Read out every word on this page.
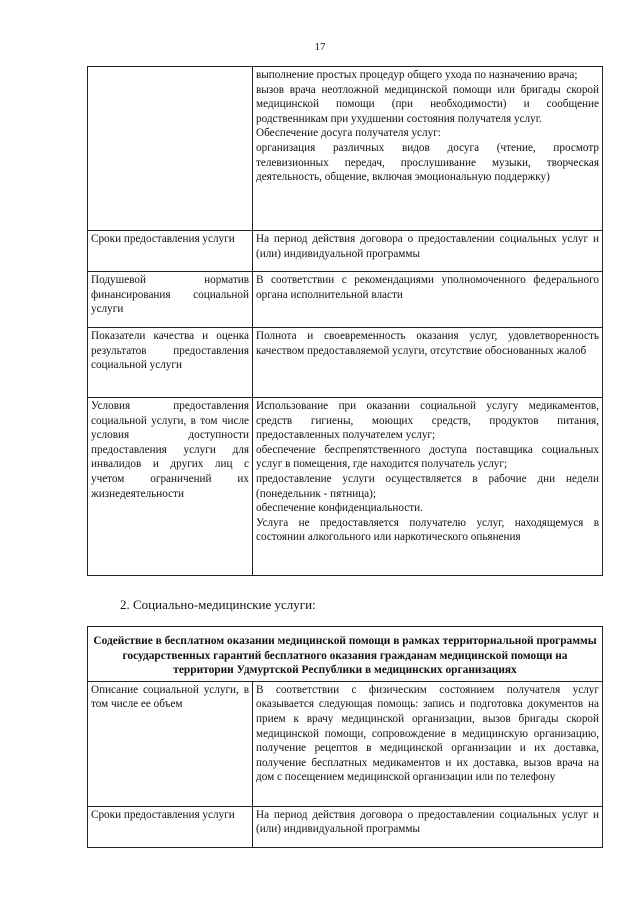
17

	выполнение простых процедур общего ухода по назначению врача;

вызов врача неотложной медицинской помощи или бригады скорой медицинской помощи (при необходимости) и сообщение родственникам при ухудшении состояния получателя услуг.

Обеспечение досуга получателя услуг:

организация различных видов досуга (чтение, просмотр телевизионных передач, прослушивание музыки, творческая деятельность, общение, включая эмоциональную поддержку)

Сроки предоставления услуги	На период действия договора о предоставлении социальных услуг и (или) индивидуальной программы
Подушевой норматив финансирования социальной услуги	В соответствии с рекомендациями уполномоченного федерального органа исполнительной власти
Показатели качества и оценка результатов предоставления социальной услуги	Полнота и своевременность оказания услуг, удовлетворенность качеством предоставляемой услуги, отсутствие обоснованных жалоб
Условия предоставления социальной услуги, в том числе условия доступности предоставления услуги для инвалидов и других лиц с учетом ограничений их жизнедеятельности	Использование при оказании социальной услугу медикаментов, средств гигиены, моющих средств, продуктов питания, предоставленных получателем услуг;

обеспечение беспрепятственного доступа поставщика социальных услуг в помещения, где находится получатель услуг;

предоставление услуги осуществляется в рабочие дни недели (понедельник - пятница);

обеспечение конфиденциальности.

Услуга не предоставляется получателю услуг, находящемуся в состоянии алкогольного или наркотического опьянения

2. Социально-медицинские услуги:
Содействие в бесплатном оказании медицинской помощи в рамках территориальной программы государственных гарантий бесплатного оказания гражданам медицинской помощи на территории Удмуртской Республики в медицинских организациях	
Описание социальной услуги, в том числе ее объем	В соответствии с физическим состоянием получателя услуг оказывается следующая помощь: запись и подготовка документов на прием к врачу медицинской организации, вызов бригады скорой медицинской помощи, сопровождение в медицинскую организацию, получение рецептов в медицинской организации и их доставка, получение бесплатных медикаментов и их доставка, вызов врача на дом с посещением медицинской организации или по телефону
Сроки предоставления услуги	На период действия договора о предоставлении социальных услуг и (или) индивидуальной программы
